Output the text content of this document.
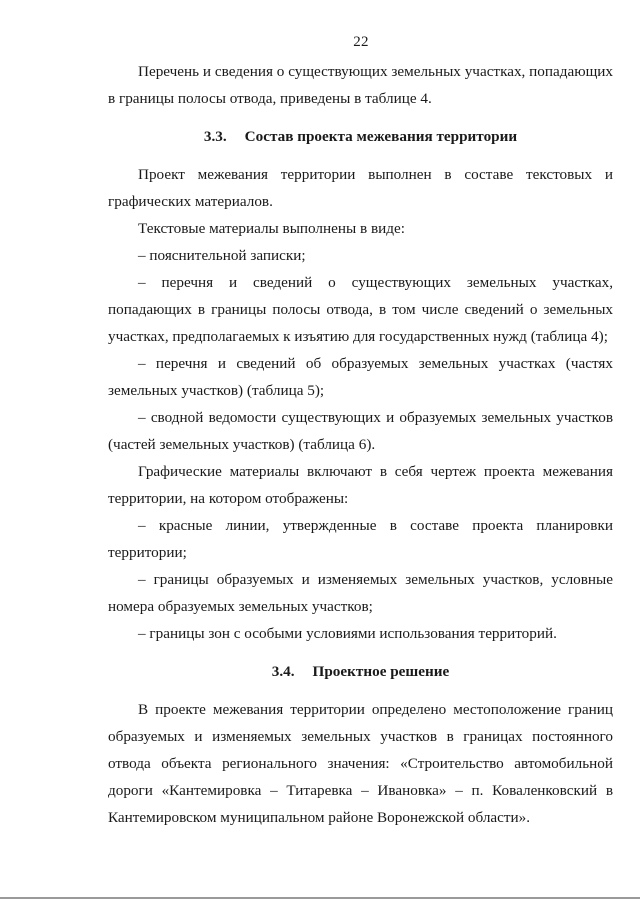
22

Перечень и сведения о существующих земельных участках, попадающих в границы полосы отвода, приведены в таблице 4.

3.3. Состав проекта межевания территории

Проект межевания территории выполнен в составе текстовых и графических материалов.

Текстовые материалы выполнены в виде:

– пояснительной записки;

– перечня и сведений о существующих земельных участках, попадающих в границы полосы отвода, в том числе сведений о земельных участках, предполагаемых к изъятию для государственных нужд (таблица 4);

– перечня и сведений об образуемых земельных участках (частях земельных участков) (таблица 5);

– сводной ведомости существующих и образуемых земельных участков (частей земельных участков) (таблица 6).

Графические материалы включают в себя чертеж проекта межевания территории, на котором отображены:

– красные линии, утвержденные в составе проекта планировки территории;

– границы образуемых и изменяемых земельных участков, условные номера образуемых земельных участков;

– границы зон с особыми условиями использования территорий.

3.4. Проектное решение

В проекте межевания территории определено местоположение границ образуемых и изменяемых земельных участков в границах постоянного отвода объекта регионального значения: «Строительство автомобильной дороги «Кантемировка – Титаревка – Ивановка» – п. Коваленковский в Кантемировском муниципальном районе Воронежской области».
